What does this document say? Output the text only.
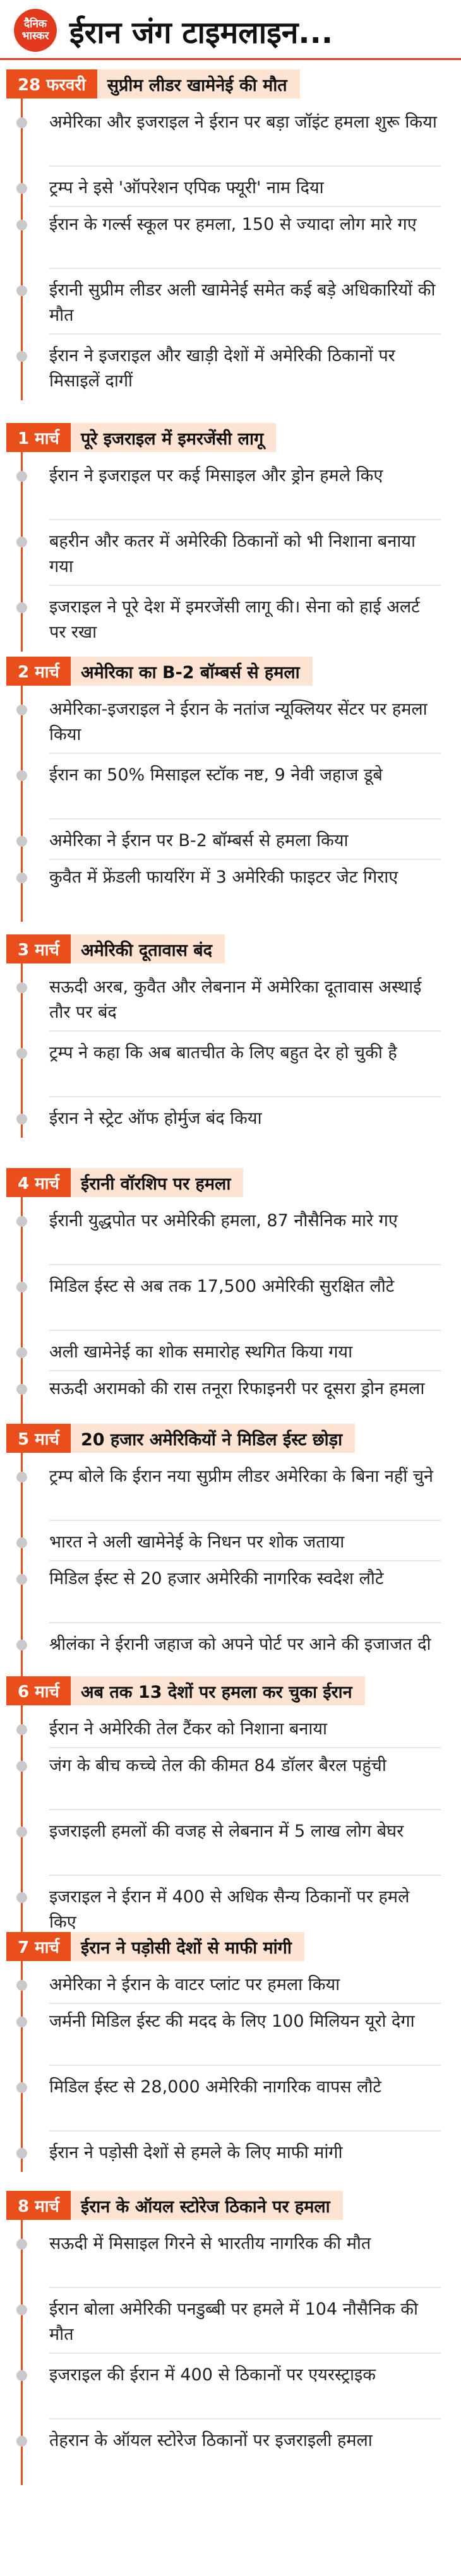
दैनिक
भास्कर ईरान जंग टाइमलाइन...
28 फरवरी	सुप्रीम लीडर खामेनेई की मौत
अमेरिका और इजराइल ने ईरान पर बड़ा जॉइंट हमला शुरू किया
ट्रम्प ने इसे 'ऑपरेशन एपिक फ्यूरी' नाम दिया
ईरान के गर्ल्स स्कूल पर हमला, 150 से ज्यादा लोग मारे गए
ईरानी सुप्रीम लीडर अली खामेनेई समेत कई बड़े अधिकारियों की मौत
ईरान ने इजराइल और खाड़ी देशों में अमेरिकी ठिकानों पर मिसाइलें दागीं
1 मार्च	पूरे इजराइल में इमरजेंसी लागू
ईरान ने इजराइल पर कई मिसाइल और ड्रोन हमले किए
बहरीन और कतर में अमेरिकी ठिकानों को भी निशाना बनाया गया
इजराइल ने पूरे देश में इमरजेंसी लागू की। सेना को हाई अलर्ट पर रखा
2 मार्च	अमेरिका का B-2 बॉम्बर्स से हमला
अमेरिका-इजराइल ने ईरान के नतांज न्यूक्लियर सेंटर पर हमला किया
ईरान का 50% मिसाइल स्टॉक नष्ट, 9 नेवी जहाज डूबे
अमेरिका ने ईरान पर B-2 बॉम्बर्स से हमला किया
कुवैत में फ्रेंडली फायरिंग में 3 अमेरिकी फाइटर जेट गिराए
3 मार्च	अमेरिकी दूतावास बंद
सऊदी अरब, कुवैत और लेबनान में अमेरिका दूतावास अस्थाई तौर पर बंद
ट्रम्प ने कहा कि अब बातचीत के लिए बहुत देर हो चुकी है
ईरान ने स्ट्रेट ऑफ होर्मुज बंद किया
4 मार्च	ईरानी वॉरशिप पर हमला
ईरानी युद्धपोत पर अमेरिकी हमला, 87 नौसैनिक मारे गए
मिडिल ईस्ट से अब तक 17,500 अमेरिकी सुरक्षित लौटे
अली खामेनेई का शोक समारोह स्थगित किया गया
सऊदी अरामको की रास तनूरा रिफाइनरी पर दूसरा ड्रोन हमला
5 मार्च	20 हजार अमेरिकियों ने मिडिल ईस्ट छोड़ा
ट्रम्प बोले कि ईरान नया सुप्रीम लीडर अमेरिका के बिना नहीं चुने
भारत ने अली खामेनेई के निधन पर शोक जताया
मिडिल ईस्ट से 20 हजार अमेरिकी नागरिक स्वदेश लौटे
श्रीलंका ने ईरानी जहाज को अपने पोर्ट पर आने की इजाजत दी
6 मार्च	अब तक 13 देशों पर हमला कर चुका ईरान
ईरान ने अमेरिकी तेल टैंकर को निशाना बनाया
जंग के बीच कच्चे तेल की कीमत 84 डॉलर बैरल पहुंची
इजराइली हमलों की वजह से लेबनान में 5 लाख लोग बेघर
इजराइल ने ईरान में 400 से अधिक सैन्य ठिकानों पर हमले किए
7 मार्च	ईरान ने पड़ोसी देशों से माफी मांगी
अमेरिका ने ईरान के वाटर प्लांट पर हमला किया
जर्मनी मिडिल ईस्ट की मदद के लिए 100 मिलियन यूरो देगा
मिडिल ईस्ट से 28,000 अमेरिकी नागरिक वापस लौटे
ईरान ने पड़ोसी देशों से हमले के लिए माफी मांगी
8 मार्च	ईरान के ऑयल स्टोरेज ठिकाने पर हमला
सऊदी में मिसाइल गिरने से भारतीय नागरिक की मौत
ईरान बोला अमेरिकी पनडुब्बी पर हमले में 104 नौसैनिक की मौत
इजराइल की ईरान में 400 से ठिकानों पर एयरस्ट्राइक
तेहरान के ऑयल स्टोरेज ठिकानों पर इजराइली हमला
